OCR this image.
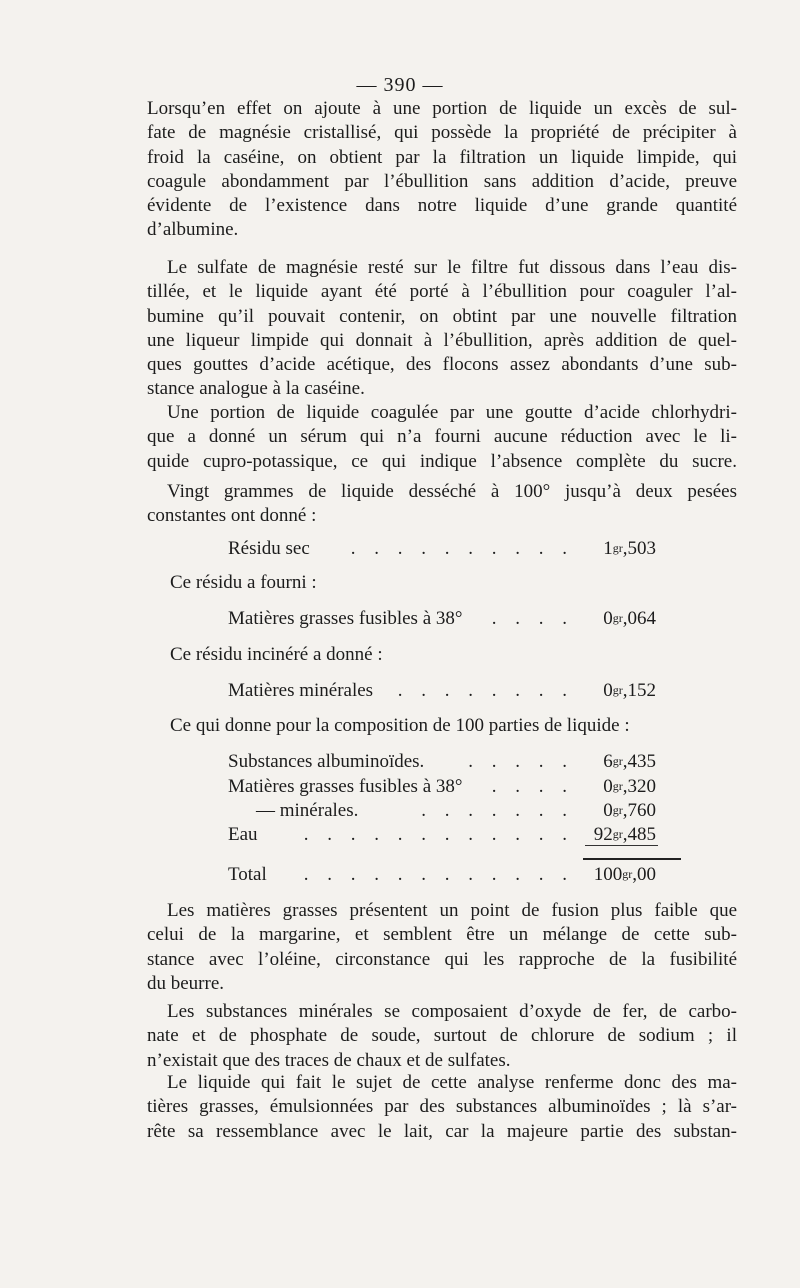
— 390 —
Lorsqu’en effet on ajoute à une portion de liquide un excès de sul-
fate de magnésie cristallisé, qui possède la propriété de précipiter à
froid la caséine, on obtient par la filtration un liquide limpide, qui
coagule abondamment par l’ébullition sans addition d’acide, preuve
évidente de l’existence dans notre liquide d’une grande quantité
d’albumine.
Le sulfate de magnésie resté sur le filtre fut dissous dans l’eau dis-
tillée, et le liquide ayant été porté à l’ébullition pour coaguler l’al-
bumine qu’il pouvait contenir, on obtint par une nouvelle filtration
une liqueur limpide qui donnait à l’ébullition, après addition de quel-
ques gouttes d’acide acétique, des flocons assez abondants d’une sub-
stance analogue à la caséine.
Une portion de liquide coagulée par une goutte d’acide chlorhydri-
que a donné un sérum qui n’a fourni aucune réduction avec le li-
quide cupro-potassique, ce qui indique l’absence complète du sucre.
Vingt grammes de liquide desséché à 100° jusqu’à deux pesées
constantes ont donné :
Résidu sec	. . . . . . . . . .	$1^{gr},503$
Ce résidu a fourni :
Matières grasses fusibles à 38°	. . . .	$0^{gr},064$
Ce résidu incinéré a donné :
Matières minérales	. . . . . . . .	$0^{gr},152$
Ce qui donne pour la composition de 100 parties de liquide :
Substances albuminoïdes.	. . . . .	$6^{gr},435$
Matières grasses fusibles à 38°	. . . .	$0^{gr},320$
— minérales.	. . . . . . .	$0^{gr},760$
Eau	. . . . . . . . . . . .	$92^{gr},485$
Total	. . . . . . . . . . . .	$100^{gr},00$
Les matières grasses présentent un point de fusion plus faible que
celui de la margarine, et semblent être un mélange de cette sub-
stance avec l’oléine, circonstance qui les rapproche de la fusibilité
du beurre.
Les substances minérales se composaient d’oxyde de fer, de carbo-
nate et de phosphate de soude, surtout de chlorure de sodium ; il
n’existait que des traces de chaux et de sulfates.
Le liquide qui fait le sujet de cette analyse renferme donc des ma-
tières grasses, émulsionnées par des substances albuminoïdes ; là s’ar-
rête sa ressemblance avec le lait, car la majeure partie des substan-
